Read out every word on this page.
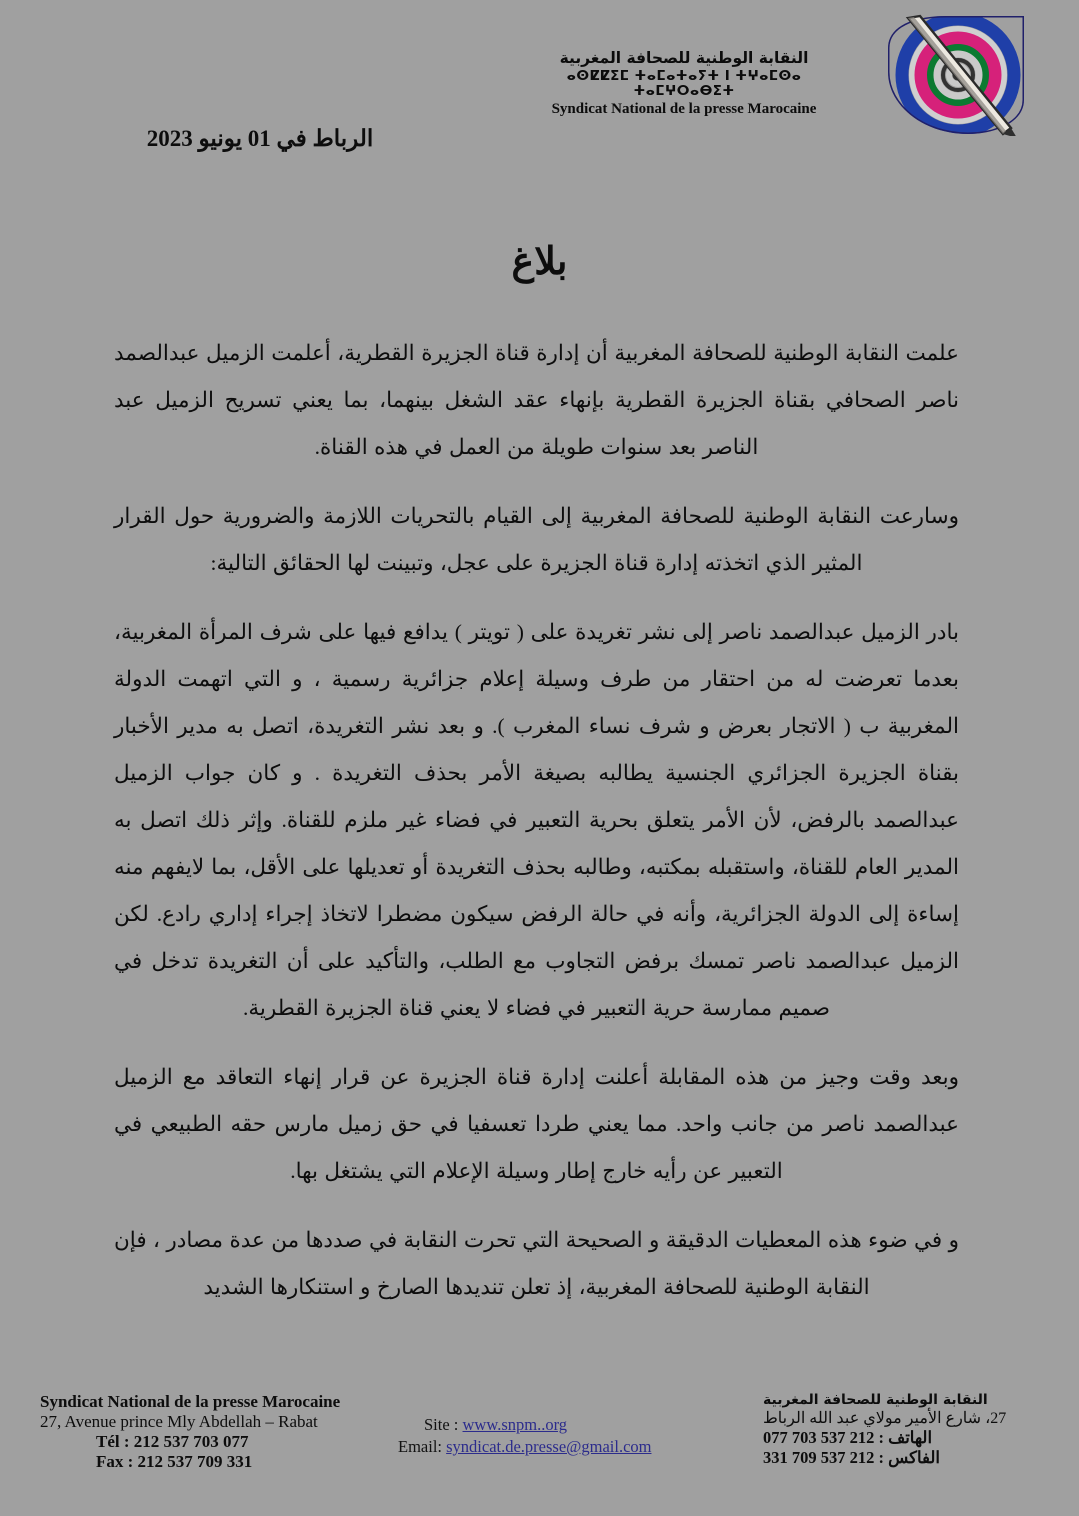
النقابة الوطنية للصحافة المغربية
ⴰⵙⵇⵇⵉⵎ ⵜⴰⵎⴰⵜⴰⵢⵜ ⵏ ⵜⵖⴰⵎⵙⴰ ⵜⴰⵎⵖⵔⴰⴱⵉⵜ
Syndicat National de la presse Marocaine
الرباط في 01 يونيو 2023
بلاغ

علمت النقابة الوطنية للصحافة المغربية أن إدارة قناة الجزيرة القطرية، أعلمت الزميل عبدالصمد ناصر الصحافي بقناة الجزيرة القطرية بإنهاء عقد الشغل بينهما، بما يعني تسريح الزميل عبد الناصر بعد سنوات طويلة من العمل في هذه القناة.

وسارعت النقابة الوطنية للصحافة المغربية إلى القيام بالتحريات اللازمة والضرورية حول القرار المثير الذي اتخذته إدارة قناة الجزيرة على عجل، وتبينت لها الحقائق التالية:

بادر الزميل عبدالصمد ناصر إلى نشر تغريدة على ( تويتر ) يدافع فيها على شرف المرأة المغربية، بعدما تعرضت له من احتقار من طرف وسيلة إعلام جزائرية رسمية ، و التي اتهمت الدولة المغربية ب ( الاتجار بعرض و شرف نساء المغرب ). و بعد نشر التغريدة، اتصل به مدير الأخبار بقناة الجزيرة الجزائري الجنسية يطالبه بصيغة الأمر بحذف التغريدة . و كان جواب الزميل عبدالصمد بالرفض، لأن الأمر يتعلق بحرية التعبير في فضاء غير ملزم للقناة. وإثر ذلك اتصل به المدير العام للقناة، واستقبله بمكتبه، وطالبه بحذف التغريدة أو تعديلها على الأقل، بما لايفهم منه إساءة إلى الدولة الجزائرية، وأنه في حالة الرفض سيكون مضطرا لاتخاذ إجراء إداري رادع. لكن الزميل عبدالصمد ناصر تمسك برفض التجاوب مع الطلب، والتأكيد على أن التغريدة تدخل في صميم ممارسة حرية التعبير في فضاء لا يعني قناة الجزيرة القطرية.

وبعد وقت وجيز من هذه المقابلة أعلنت إدارة قناة الجزيرة عن قرار إنهاء التعاقد مع الزميل عبدالصمد ناصر من جانب واحد. مما يعني طردا تعسفيا في حق زميل مارس حقه الطبيعي في التعبير عن رأيه خارج إطار وسيلة الإعلام التي يشتغل بها.

و في ضوء هذه المعطيات الدقيقة و الصحيحة التي تحرت النقابة في صددها من عدة مصادر ، فإن النقابة الوطنية للصحافة المغربية، إذ تعلن تنديدها الصارخ و استنكارها الشديد

Syndicat National de la presse Marocaine
27, Avenue prince Mly Abdellah – Rabat
Tél : 212 537 703 077
Fax : 212 537 709 331
Site : www.snpm..org
Email: syndicat.de.presse@gmail.com
النقابة الوطنية للصحافة المغربية
27، شارع الأمير مولاي عبد الله الرباط
الهاتف : 212 537 703 077
الفاكس : 212 537 709 331
